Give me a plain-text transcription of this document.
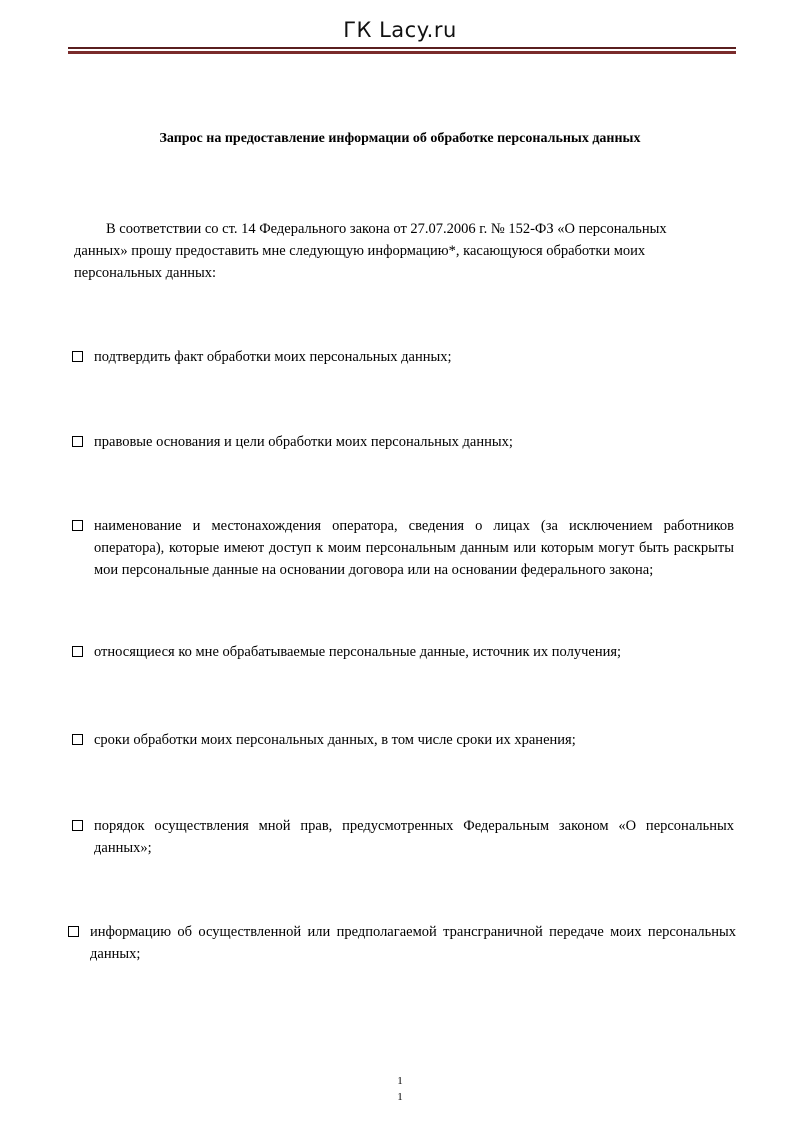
ГК Lacy.ru
Запрос на предоставление информации об обработке персональных данных
В соответствии со ст. 14 Федерального закона от 27.07.2006 г. № 152-ФЗ «О персональных данных» прошу предоставить мне следующую информацию*, касающуюся обработки моих персональных данных:
подтвердить факт обработки моих персональных данных;
правовые основания и цели обработки моих персональных данных;
наименование и местонахождения оператора, сведения о лицах (за исключением работников оператора), которые имеют доступ к моим персональным данным или которым могут быть раскрыты мои персональные данные на основании договора или на основании федерального закона;
относящиеся ко мне обрабатываемые персональные данные, источник их получения;
сроки обработки моих персональных данных, в том числе сроки их хранения;
порядок осуществления мной прав, предусмотренных Федеральным законом «О персональных данных»;
информацию об осуществленной или предполагаемой трансграничной передаче моих персональных данных;
1
1
